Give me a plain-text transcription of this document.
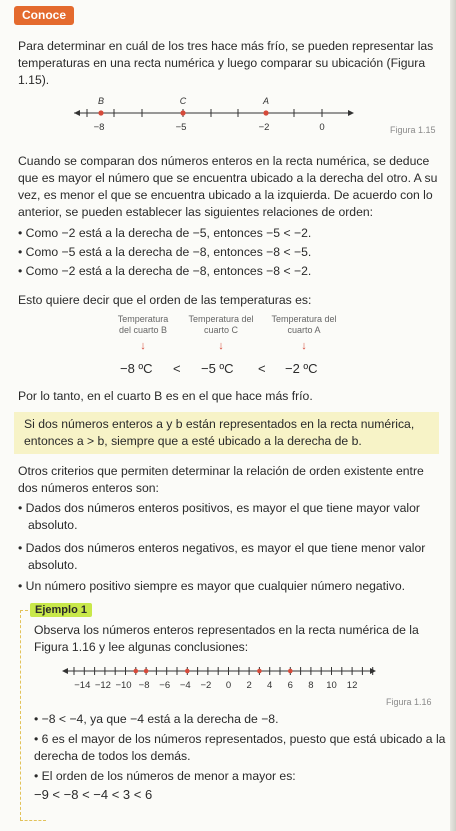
Conoce
Para determinar en cuál de los tres hace más frío, se pueden representar las
temperaturas en una recta numérica y luego comparar su ubicación (Figura
1.15).
B	C	A
−8	−5	−2	0	Figura 1.15
Cuando se comparan dos números enteros en la recta numérica, se deduce
que es mayor el número que se encuentra ubicado a la derecha del otro. A su
vez, es menor el que se encuentra ubicado a la izquierda. De acuerdo con lo
anterior, se pueden establecer las siguientes relaciones de orden:
• Como −2 está a la derecha de −5, entonces −5 < −2.
• Como −5 está a la derecha de −8, entonces −8 < −5.
• Como −2 está a la derecha de −8, entonces −8 < −2.
Esto quiere decir que el orden de las temperaturas es:
Temperatura
del cuarto B
Temperatura del
cuarto C
Temperatura del
cuarto A
↓	↓	↓
−8 ºC < −5 ºC < −2 ºC
Por lo tanto, en el cuarto B es en el que hace más frío.
Si dos números enteros a y b están representados en la recta numérica,
entonces a > b, siempre que a esté ubicado a la derecha de b.
Otros criterios que permiten determinar la relación de orden existente entre
dos números enteros son:
• Dados dos números enteros positivos, es mayor el que tiene mayor valor
absoluto.
• Dados dos números enteros negativos, es mayor el que tiene menor valor
absoluto.
• Un número positivo siempre es mayor que cualquier número negativo.
Ejemplo 1
Observa los números enteros representados en la recta numérica de la
Figura 1.16 y lee algunas conclusiones:
−14 −12 −10 −8 −6 −4 −2 0 2 4 6 8 10 12
Figura 1.16
• −8 < −4, ya que −4 está a la derecha de −8.
• 6 es el mayor de los números representados, puesto que está ubicado a la
derecha de todos los demás.
• El orden de los números de menor a mayor es:
−9 < −8 < −4 < 3 < 6
